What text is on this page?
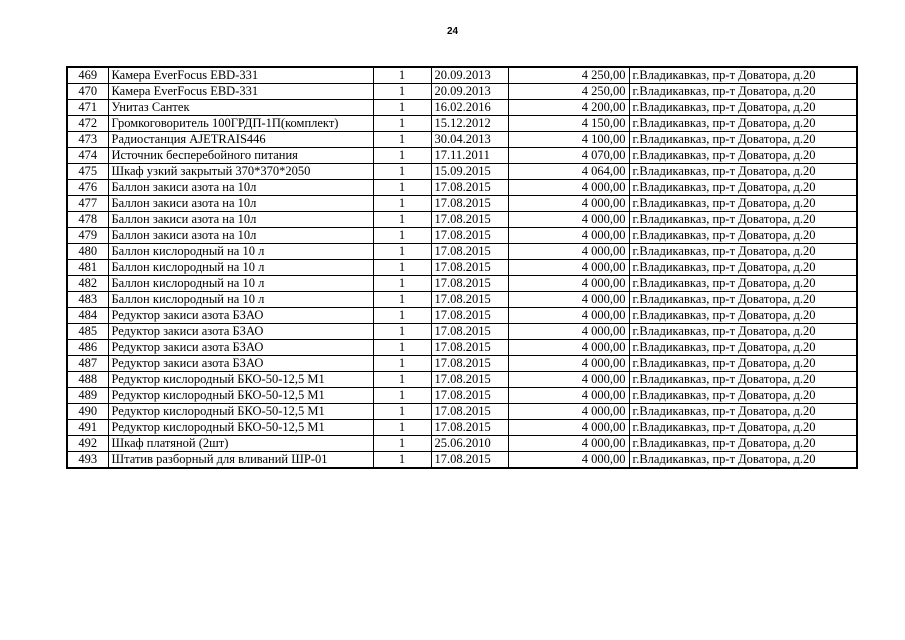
24
469	Камера EverFocus EBD-331	1	20.09.2013	4 250,00	г.Владикавказ, пр-т Доватора, д.20
470	Камера EverFocus EBD-331	1	20.09.2013	4 250,00	г.Владикавказ, пр-т Доватора, д.20
471	Унитаз Сантек	1	16.02.2016	4 200,00	г.Владикавказ, пр-т Доватора, д.20
472	Громкоговоритель 100ГРДП-1П(комплект)	1	15.12.2012	4 150,00	г.Владикавказ, пр-т Доватора, д.20
473	Радиостанция AJETRAIS446	1	30.04.2013	4 100,00	г.Владикавказ, пр-т Доватора, д.20
474	Источник бесперебойного питания	1	17.11.2011	4 070,00	г.Владикавказ, пр-т Доватора, д.20
475	Шкаф узкий закрытый 370*370*2050	1	15.09.2015	4 064,00	г.Владикавказ, пр-т Доватора, д.20
476	Баллон закиси азота на 10л	1	17.08.2015	4 000,00	г.Владикавказ, пр-т Доватора, д.20
477	Баллон закиси азота на 10л	1	17.08.2015	4 000,00	г.Владикавказ, пр-т Доватора, д.20
478	Баллон закиси азота на 10л	1	17.08.2015	4 000,00	г.Владикавказ, пр-т Доватора, д.20
479	Баллон закиси азота на 10л	1	17.08.2015	4 000,00	г.Владикавказ, пр-т Доватора, д.20
480	Баллон кислородный на 10 л	1	17.08.2015	4 000,00	г.Владикавказ, пр-т Доватора, д.20
481	Баллон кислородный на 10 л	1	17.08.2015	4 000,00	г.Владикавказ, пр-т Доватора, д.20
482	Баллон кислородный на 10 л	1	17.08.2015	4 000,00	г.Владикавказ, пр-т Доватора, д.20
483	Баллон кислородный на 10 л	1	17.08.2015	4 000,00	г.Владикавказ, пр-т Доватора, д.20
484	Редуктор закиси азота БЗАО	1	17.08.2015	4 000,00	г.Владикавказ, пр-т Доватора, д.20
485	Редуктор закиси азота БЗАО	1	17.08.2015	4 000,00	г.Владикавказ, пр-т Доватора, д.20
486	Редуктор закиси азота БЗАО	1	17.08.2015	4 000,00	г.Владикавказ, пр-т Доватора, д.20
487	Редуктор закиси азота БЗАО	1	17.08.2015	4 000,00	г.Владикавказ, пр-т Доватора, д.20
488	Редуктор кислородный БКО-50-12,5 М1	1	17.08.2015	4 000,00	г.Владикавказ, пр-т Доватора, д.20
489	Редуктор кислородный БКО-50-12,5 М1	1	17.08.2015	4 000,00	г.Владикавказ, пр-т Доватора, д.20
490	Редуктор кислородный БКО-50-12,5 М1	1	17.08.2015	4 000,00	г.Владикавказ, пр-т Доватора, д.20
491	Редуктор кислородный БКО-50-12,5 М1	1	17.08.2015	4 000,00	г.Владикавказ, пр-т Доватора, д.20
492	Шкаф платяной (2шт)	1	25.06.2010	4 000,00	г.Владикавказ, пр-т Доватора, д.20
493	Штатив разборный для вливаний ШР-01	1	17.08.2015	4 000,00	г.Владикавказ, пр-т Доватора, д.20
